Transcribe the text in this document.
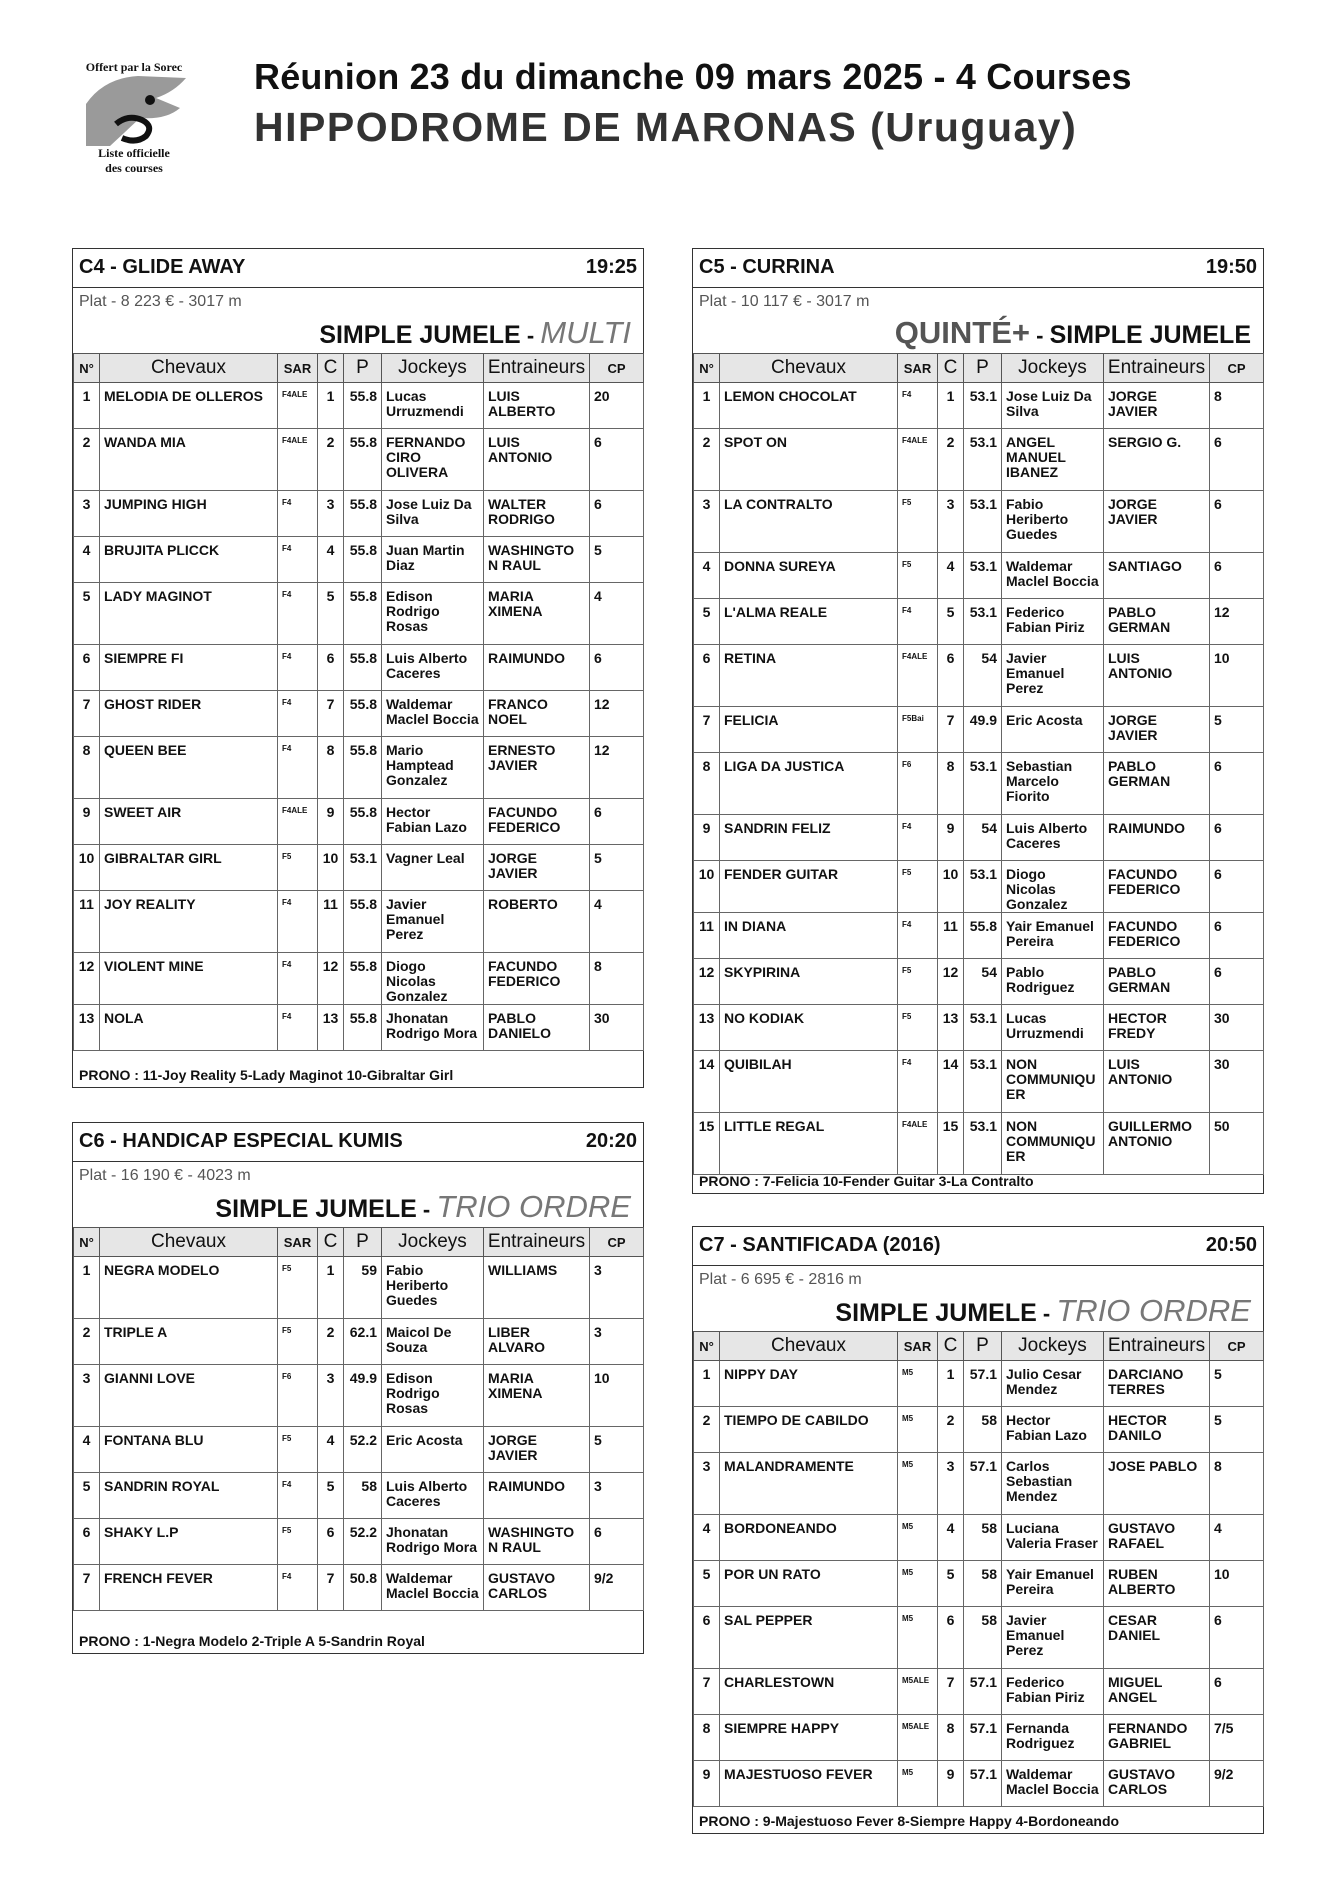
Offert par la Sorec
Liste officielle
des courses
Réunion 23 du dimanche 09 mars 2025 - 4 Courses
HIPPODROME DE MARONAS (Uruguay)
C4 - GLIDE AWAY	19:25
Plat - 8 223 € - 3017 m
SIMPLE JUMELE - MULTI
N°	Chevaux	SAR	C	P	Jockeys	Entraineurs	CP
1	MELODIA DE OLLEROS	F4ALE	1	55.8	Lucas Urruzmendi	LUIS ALBERTO	20
2	WANDA MIA	F4ALE	2	55.8	FERNANDO CIRO OLIVERA	LUIS ANTONIO	6
3	JUMPING HIGH	F4	3	55.8	Jose Luiz Da Silva	WALTER RODRIGO	6
4	BRUJITA PLICCK	F4	4	55.8	Juan Martin Diaz	WASHINGTO N RAUL	5
5	LADY MAGINOT	F4	5	55.8	Edison Rodrigo Rosas	MARIA XIMENA	4
6	SIEMPRE FI	F4	6	55.8	Luis Alberto Caceres	RAIMUNDO	6
7	GHOST RIDER	F4	7	55.8	Waldemar Maclel Boccia	FRANCO NOEL	12
8	QUEEN BEE	F4	8	55.8	Mario Hamptead Gonzalez	ERNESTO JAVIER	12
9	SWEET AIR	F4ALE	9	55.8	Hector Fabian Lazo	FACUNDO FEDERICO	6
10	GIBRALTAR GIRL	F5	10	53.1	Vagner Leal	JORGE JAVIER	5
11	JOY REALITY	F4	11	55.8	Javier Emanuel Perez	ROBERTO	4
12	VIOLENT MINE	F4	12	55.8	Diogo Nicolas Gonzalez	FACUNDO FEDERICO	8
13	NOLA	F4	13	55.8	Jhonatan Rodrigo Mora	PABLO DANIELO	30
PRONO : 11-Joy Reality 5-Lady Maginot 10-Gibraltar Girl
C5 - CURRINA	19:50
Plat - 10 117 € - 3017 m
QUINTÉ+ - SIMPLE JUMELE
N°	Chevaux	SAR	C	P	Jockeys	Entraineurs	CP
1	LEMON CHOCOLAT	F4	1	53.1	Jose Luiz Da Silva	JORGE JAVIER	8
2	SPOT ON	F4ALE	2	53.1	ANGEL MANUEL IBANEZ	SERGIO G.	6
3	LA CONTRALTO	F5	3	53.1	Fabio Heriberto Guedes	JORGE JAVIER	6
4	DONNA SUREYA	F5	4	53.1	Waldemar Maclel Boccia	SANTIAGO	6
5	L'ALMA REALE	F4	5	53.1	Federico Fabian Piriz	PABLO GERMAN	12
6	RETINA	F4ALE	6	54	Javier Emanuel Perez	LUIS ANTONIO	10
7	FELICIA	F5Bai	7	49.9	Eric Acosta	JORGE JAVIER	5
8	LIGA DA JUSTICA	F6	8	53.1	Sebastian Marcelo Fiorito	PABLO GERMAN	6
9	SANDRIN FELIZ	F4	9	54	Luis Alberto Caceres	RAIMUNDO	6
10	FENDER GUITAR	F5	10	53.1	Diogo Nicolas Gonzalez	FACUNDO FEDERICO	6
11	IN DIANA	F4	11	55.8	Yair Emanuel Pereira	FACUNDO FEDERICO	6
12	SKYPIRINA	F5	12	54	Pablo Rodriguez	PABLO GERMAN	6
13	NO KODIAK	F5	13	53.1	Lucas Urruzmendi	HECTOR FREDY	30
14	QUIBILAH	F4	14	53.1	NON COMMUNIQU ER	LUIS ANTONIO	30
15	LITTLE REGAL	F4ALE	15	53.1	NON COMMUNIQU ER	GUILLERMO ANTONIO	50
PRONO : 7-Felicia 10-Fender Guitar 3-La Contralto
C6 - HANDICAP ESPECIAL KUMIS	20:20
Plat - 16 190 € - 4023 m
SIMPLE JUMELE - TRIO ORDRE
N°	Chevaux	SAR	C	P	Jockeys	Entraineurs	CP
1	NEGRA MODELO	F5	1	59	Fabio Heriberto Guedes	WILLIAMS	3
2	TRIPLE A	F5	2	62.1	Maicol De Souza	LIBER ALVARO	3
3	GIANNI LOVE	F6	3	49.9	Edison Rodrigo Rosas	MARIA XIMENA	10
4	FONTANA BLU	F5	4	52.2	Eric Acosta	JORGE JAVIER	5
5	SANDRIN ROYAL	F4	5	58	Luis Alberto Caceres	RAIMUNDO	3
6	SHAKY L.P	F5	6	52.2	Jhonatan Rodrigo Mora	WASHINGTO N RAUL	6
7	FRENCH FEVER	F4	7	50.8	Waldemar Maclel Boccia	GUSTAVO CARLOS	9/2
PRONO : 1-Negra Modelo 2-Triple A 5-Sandrin Royal
C7 - SANTIFICADA (2016)	20:50
Plat - 6 695 € - 2816 m
SIMPLE JUMELE - TRIO ORDRE
N°	Chevaux	SAR	C	P	Jockeys	Entraineurs	CP
1	NIPPY DAY	M5	1	57.1	Julio Cesar Mendez	DARCIANO TERRES	5
2	TIEMPO DE CABILDO	M5	2	58	Hector Fabian Lazo	HECTOR DANILO	5
3	MALANDRAMENTE	M5	3	57.1	Carlos Sebastian Mendez	JOSE PABLO	8
4	BORDONEANDO	M5	4	58	Luciana Valeria Fraser	GUSTAVO RAFAEL	4
5	POR UN RATO	M5	5	58	Yair Emanuel Pereira	RUBEN ALBERTO	10
6	SAL PEPPER	M5	6	58	Javier Emanuel Perez	CESAR DANIEL	6
7	CHARLESTOWN	M5ALE	7	57.1	Federico Fabian Piriz	MIGUEL ANGEL	6
8	SIEMPRE HAPPY	M5ALE	8	57.1	Fernanda Rodriguez	FERNANDO GABRIEL	7/5
9	MAJESTUOSO FEVER	M5	9	57.1	Waldemar Maclel Boccia	GUSTAVO CARLOS	9/2
PRONO : 9-Majestuoso Fever 8-Siempre Happy 4-Bordoneando
